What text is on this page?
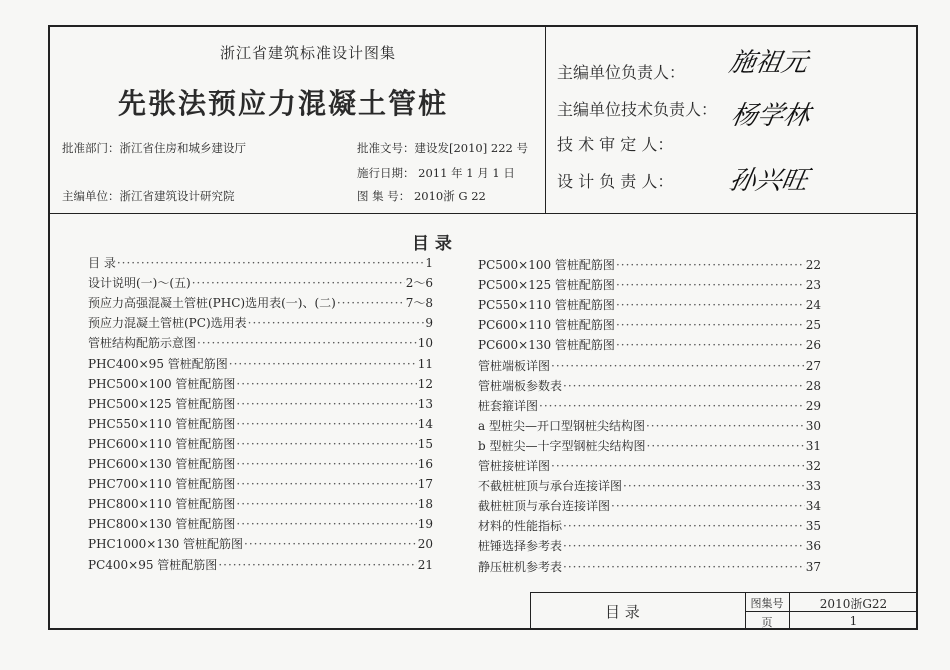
浙江省建筑标准设计图集
先张法预应力混凝土管桩
批准部门：浙江省住房和城乡建设厅	批准文号：建设发[2010] 222 号
施行日期： 2011 年 1 月 1 日
主编单位：浙江省建筑设计研究院	图 集 号： 2010浙 G 22
主编单位负责人： 施祖元
主编单位技术负责人： 杨学林
技 术 审 定 人：
设 计 负 责 人： 孙兴旺
目 录
目 录 ·····	1
设计说明(一)～(五) ·····	2～6
预应力高强混凝土管桩(PHC)选用表(一)、(二) ·····	7～8
预应力混凝土管桩(PC)选用表 ·····	9
管桩结构配筋示意图 ·····	10
PHC400×95 管桩配筋图 ·····	11
PHC500×100 管桩配筋图 ·····	12
PHC500×125 管桩配筋图 ·····	13
PHC550×110 管桩配筋图 ·····	14
PHC600×110 管桩配筋图 ·····	15
PHC600×130 管桩配筋图 ·····	16
PHC700×110 管桩配筋图 ·····	17
PHC800×110 管桩配筋图 ·····	18
PHC800×130 管桩配筋图 ·····	19
PHC1000×130 管桩配筋图 ·····	20
PC400×95 管桩配筋图 ·····	21
PC500×100 管桩配筋图 ·····	22
PC500×125 管桩配筋图 ·····	23
PC550×110 管桩配筋图 ·····	24
PC600×110 管桩配筋图 ·····	25
PC600×130 管桩配筋图 ·····	26
管桩端板详图 ·····	27
管桩端板参数表 ·····	28
桩套箍详图 ·····	29
a 型桩尖—开口型钢桩尖结构图 ·····	30
b 型桩尖—十字型钢桩尖结构图 ·····	31
管桩接桩详图 ·····	32
不截桩桩顶与承台连接详图 ·····	33
截桩桩顶与承台连接详图 ·····	34
材料的性能指标 ·····	35
桩锤选择参考表 ·····	36
静压桩机参考表 ·····	37
目 录	图集号	2010浙G22
页	1
